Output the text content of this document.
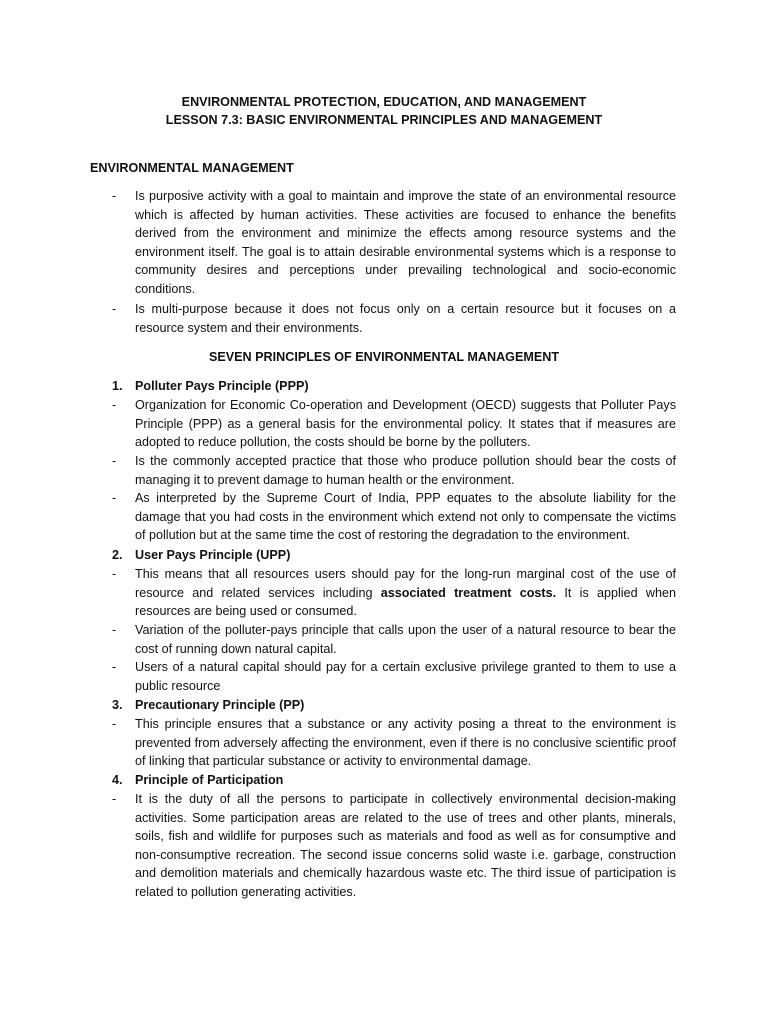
ENVIRONMENTAL PROTECTION, EDUCATION, AND MANAGEMENT
LESSON 7.3: BASIC ENVIRONMENTAL PRINCIPLES AND MANAGEMENT
ENVIRONMENTAL MANAGEMENT
- Is purposive activity with a goal to maintain and improve the state of an environmental resource which is affected by human activities. These activities are focused to enhance the benefits derived from the environment and minimize the effects among resource systems and the environment itself. The goal is to attain desirable environmental systems which is a response to community desires and perceptions under prevailing technological and socio-economic conditions.
- Is multi-purpose because it does not focus only on a certain resource but it focuses on a resource system and their environments.
SEVEN PRINCIPLES OF ENVIRONMENTAL MANAGEMENT
1. Polluter Pays Principle (PPP)
- Organization for Economic Co-operation and Development (OECD) suggests that Polluter Pays Principle (PPP) as a general basis for the environmental policy. It states that if measures are adopted to reduce pollution, the costs should be borne by the polluters.
- Is the commonly accepted practice that those who produce pollution should bear the costs of managing it to prevent damage to human health or the environment.
- As interpreted by the Supreme Court of India, PPP equates to the absolute liability for the damage that you had costs in the environment which extend not only to compensate the victims of pollution but at the same time the cost of restoring the degradation to the environment.
2. User Pays Principle (UPP)
- This means that all resources users should pay for the long-run marginal cost of the use of resource and related services including associated treatment costs. It is applied when resources are being used or consumed.
- Variation of the polluter-pays principle that calls upon the user of a natural resource to bear the cost of running down natural capital.
- Users of a natural capital should pay for a certain exclusive privilege granted to them to use a public resource
3. Precautionary Principle (PP)
- This principle ensures that a substance or any activity posing a threat to the environment is prevented from adversely affecting the environment, even if there is no conclusive scientific proof of linking that particular substance or activity to environmental damage.
4. Principle of Participation
- It is the duty of all the persons to participate in collectively environmental decision-making activities. Some participation areas are related to the use of trees and other plants, minerals, soils, fish and wildlife for purposes such as materials and food as well as for consumptive and non-consumptive recreation. The second issue concerns solid waste i.e. garbage, construction and demolition materials and chemically hazardous waste etc. The third issue of participation is related to pollution generating activities.
